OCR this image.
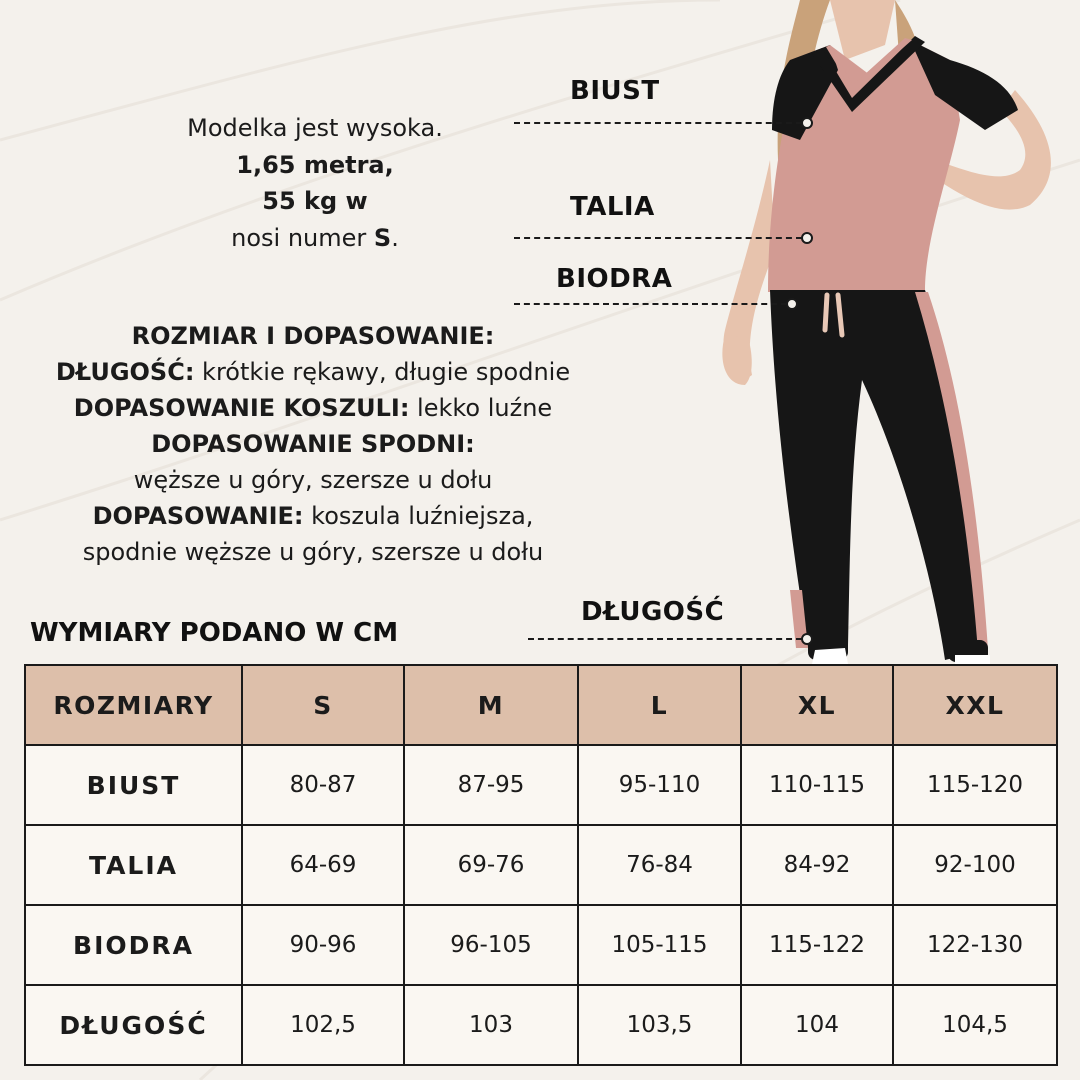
Modelka jest wysoka.
1,65 metra,
55 kg w
nosi numer S.
ROZMIAR I DOPASOWANIE:
DŁUGOŚĆ: krótkie rękawy, długie spodnie
DOPASOWANIE KOSZULI: lekko luźne
DOPASOWANIE SPODNI:
węższe u góry, szersze u dołu
DOPASOWANIE: koszula luźniejsza,
spodnie węższe u góry, szersze u dołu
BIUST
TALIA
BIODRA
DŁUGOŚĆ
WYMIARY PODANO W CM
ROZMIARY	S	M	L	XL	XXL
BIUST	80-87	87-95	95-110	110-115	115-120
TALIA	64-69	69-76	76-84	84-92	92-100
BIODRA	90-96	96-105	105-115	115-122	122-130
DŁUGOŚĆ	102,5	103	103,5	104	104,5
